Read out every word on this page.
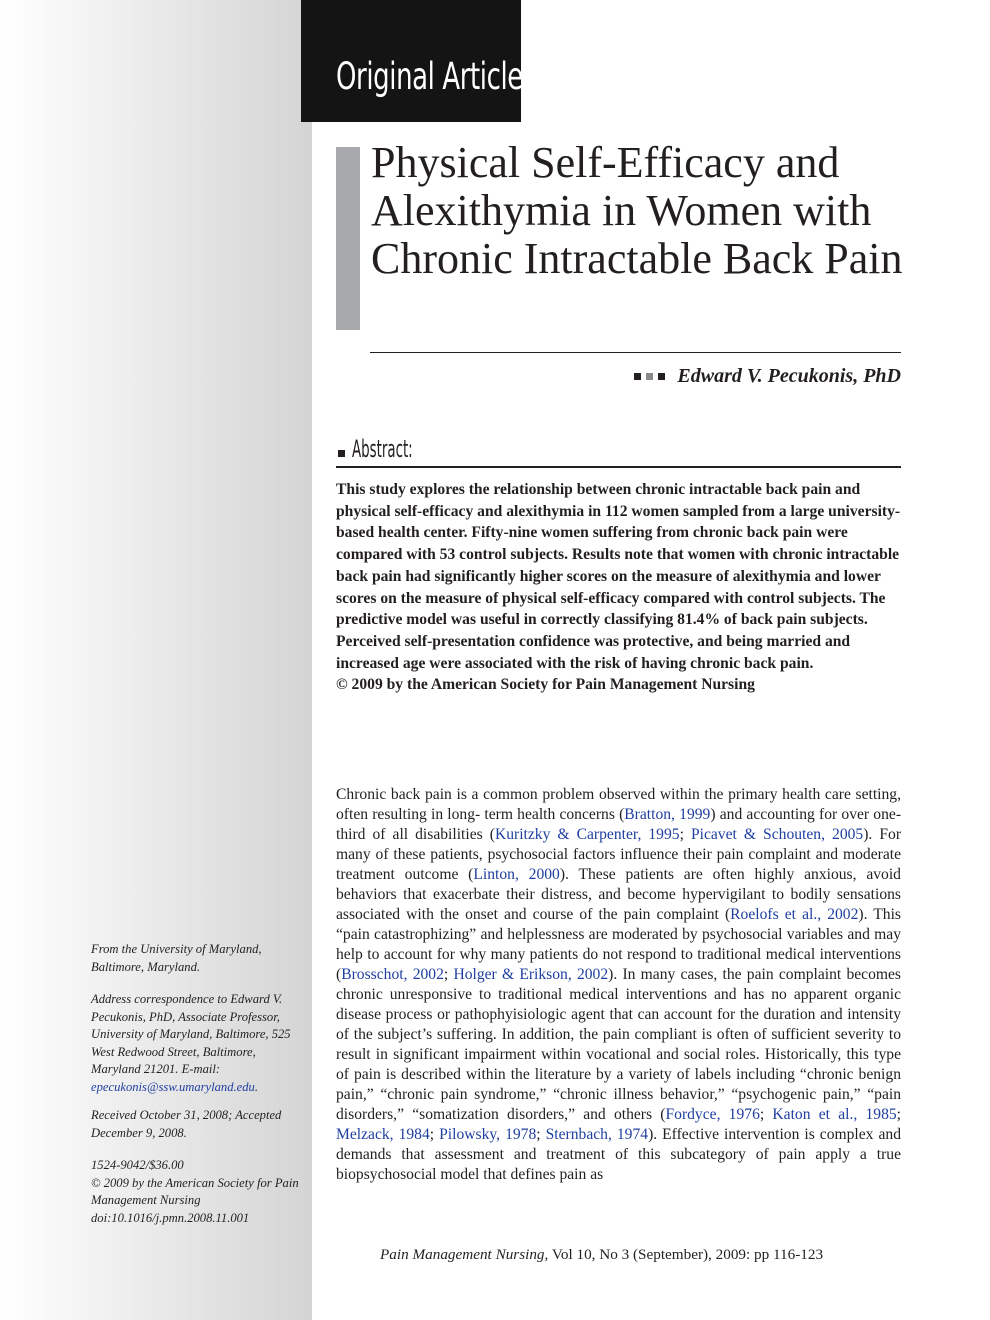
Original Article
Physical Self-Efficacy and Alexithymia in Women with Chronic Intractable Back Pain
Edward V. Pecukonis, PhD
Abstract:

This study explores the relationship between chronic intractable back pain and physical self-efficacy and alexithymia in 112 women sampled from a large university-based health center. Fifty-nine women suffering from chronic back pain were compared with 53 control subjects. Results note that women with chronic intractable back pain had significantly higher scores on the measure of alexithymia and lower scores on the measure of physical self-efficacy compared with control subjects. The predictive model was useful in correctly classifying 81.4% of back pain subjects. Perceived self-presentation confidence was protective, and being married and increased age were associated with the risk of having chronic back pain.

© 2009 by the American Society for Pain Management Nursing

Chronic back pain is a common problem observed within the primary health care setting, often resulting in long- term health concerns (Bratton, 1999) and accounting for over one-third of all disabilities (Kuritzky & Carpenter, 1995; Picavet & Schouten, 2005). For many of these patients, psychosocial factors influence their pain complaint and moderate treatment outcome (Linton, 2000). These patients are often highly anxious, avoid behaviors that exacerbate their distress, and become hypervigilant to bodily sensations associated with the onset and course of the pain complaint (Roelofs et al., 2002). This “pain catastrophizing” and helplessness are moderated by psychosocial variables and may help to account for why many patients do not respond to traditional medical interventions (Brosschot, 2002; Holger & Erikson, 2002). In many cases, the pain complaint becomes chronic unresponsive to traditional medical interventions and has no apparent organic disease process or pathophyisiologic agent that can account for the duration and intensity of the subject’s suffering. In addition, the pain compliant is often of sufficient severity to result in significant impairment within vocational and social roles. Historically, this type of pain is described within the literature by a variety of labels including “chronic benign pain,” “chronic pain syndrome,” “chronic illness behavior,” “psychogenic pain,” “pain disorders,” “somatization disorders,” and others (Fordyce, 1976; Katon et al., 1985; Melzack, 1984; Pilowsky, 1978; Sternbach, 1974). Effective intervention is complex and demands that assessment and treatment of this subcategory of pain apply a true biopsychosocial model that defines pain as

From the University of Maryland, Baltimore, Maryland.

Address correspondence to Edward V. Pecukonis, PhD, Associate Professor, University of Maryland, Baltimore, 525 West Redwood Street, Baltimore, Maryland 21201. E-mail: epecukonis@ssw.umaryland.edu.

Received October 31, 2008; Accepted December 9, 2008.

1524-9042/$36.00
© 2009 by the American Society for Pain Management Nursing
doi:10.1016/j.pmn.2008.11.001

Pain Management Nursing, Vol 10, No 3 (September), 2009: pp 116-123
